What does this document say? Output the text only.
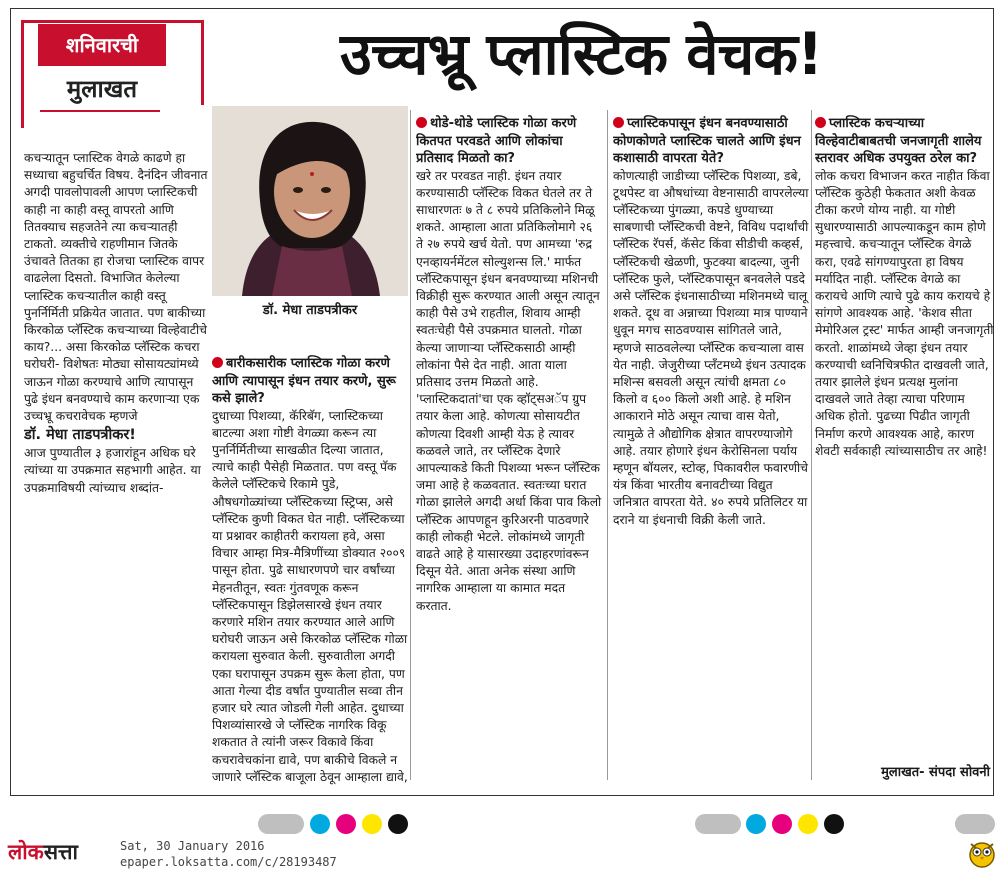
शनिवारची
मुलाखत
उच्चभ्रू प्लास्टिक वेचक!
डॉ. मेधा ताडपत्रीकर

कचऱ्यातून प्लास्टिक वेगळे काढणे हा सध्याचा बहुचर्चित विषय. दैनंदिन जीवनात अगदी पावलोपावली आपण प्लास्टिकची काही ना काही वस्तू वापरतो आणि तितक्याच सहजतेने त्या कचऱ्यातही टाकतो. व्यक्तीचे राहणीमान जितके उंचावते तितका हा रोजचा प्लास्टिक वापर वाढलेला दिसतो. विभाजित केलेल्या प्लास्टिक कचऱ्यातील काही वस्तू पुनर्निर्मिती प्रक्रियेत जातात. पण बाकीच्या किरकोळ प्लॅस्टिक कचऱ्याच्या विल्हेवाटीचे काय?... असा किरकोळ प्लॅस्टिक कचरा घरोघरी- विशेषतः मोठ्या सोसायट्यांमध्ये जाऊन गोळा करण्याचे आणि त्यापासून पुढे इंधन बनवण्याचे काम करणाऱ्या एक उच्चभ्रू कचरावेचक म्हणजे

डॉ. मेधा ताडपत्रीकर!

आज पुण्यातील ३ हजारांहून अधिक घरे त्यांच्या या उपक्रमात सहभागी आहेत. या उपक्रमाविषयी त्यांच्याच शब्दांत-

बारीकसारीक प्लास्टिक गोळा करणे आणि त्यापासून इंधन तयार करणे, सुरू कसे झाले?

दुधाच्या पिशव्या, कॅरिबॅग, प्लास्टिकच्या बाटल्या अशा गोष्टी वेगळ्या करून त्या पुनर्निर्मितीच्या साखळीत दिल्या जातात, त्याचे काही पैसेही मिळतात. पण वस्तू पॅक केलेले प्लॅस्टिकचे रिकामे पुडे, औषधगोळ्यांच्या प्लॅस्टिकच्या स्ट्रिप्स, असे प्लॅस्टिक कुणी विकत घेत नाही. प्लॅस्टिकच्या या प्रश्नावर काहीतरी करायला हवे, असा विचार आम्हा मित्र-मैत्रिणींच्या डोक्यात २००९ पासून होता. पुढे साधारणपणे चार वर्षांच्या मेहनतीतून, स्वतः गुंतवणूक करून प्लॅस्टिकपासून डिझेलसारखे इंधन तयार करणारे मशिन तयार करण्यात आले आणि घरोघरी जाऊन असे किरकोळ प्लॅस्टिक गोळा करायला सुरुवात केली. सुरुवातीला अगदी एका घरापासून उपक्रम सुरू केला होता, पण आता गेल्या दीड वर्षांत पुण्यातील सव्वा तीन हजार घरे त्यात जोडली गेली आहेत. दुधाच्या पिशव्यांसारखे जे प्लॅस्टिक नागरिक विकू शकतात ते त्यांनी जरूर विकावे किंवा कचरावेचकांना द्यावे, पण बाकीचे विकले न जाणारे प्लॅस्टिक बाजूला ठेवून आम्हाला द्यावे,

थोडे-थोडे प्लास्टिक गोळा करणे कितपत परवडते आणि लोकांचा प्रतिसाद मिळतो का?

खरे तर परवडत नाही. इंधन तयार करण्यासाठी प्लॅस्टिक विकत घेतले तर ते साधारणतः ७ ते ८ रुपये प्रतिकिलोने मिळू शकते. आम्हाला आता प्रतिकिलोमागे २६ ते २७ रुपये खर्च येतो. पण आमच्या 'रुद्र एनव्हायर्नमेंटल सोल्युशन्स लि.' मार्फत प्लॅस्टिकपासून इंधन बनवण्याच्या मशिनची विक्रीही सुरू करण्यात आली असून त्यातून काही पैसे उभे राहतील, शिवाय आम्ही स्वतःचेही पैसे उपक्रमात घालतो. गोळा केल्या जाणाऱ्या प्लॅस्टिकसाठी आम्ही लोकांना पैसे देत नाही. आता याला प्रतिसाद उत्तम मिळतो आहे. 'प्लास्टिकदातां'चा एक व्हॉट्सअॅप ग्रुप तयार केला आहे. कोणत्या सोसायटीत कोणत्या दिवशी आम्ही येऊ हे त्यावर कळवले जाते, तर प्लॅस्टिक देणारे आपल्याकडे किती पिशव्या भरून प्लॅस्टिक जमा आहे हे कळवतात. स्वतःच्या घरात गोळा झालेले अगदी अर्धा किंवा पाव किलो प्लॅस्टिक आपणहून कुरिअरनी पाठवणारे काही लोकही भेटले. लोकांमध्ये जागृती वाढते आहे हे यासारख्या उदाहरणांवरून दिसून येते. आता अनेक संस्था आणि नागरिक आम्हाला या कामात मदत करतात.

प्लास्टिकपासून इंधन बनवण्यासाठी कोणकोणते प्लास्टिक चालते आणि इंधन कशासाठी वापरता येते?

कोणत्याही जाडीच्या प्लॅस्टिक पिशव्या, डबे, टूथपेस्ट वा औषधांच्या वेष्टनासाठी वापरलेल्या प्लॅस्टिकच्या पुंगळ्या, कपडे धुण्याच्या साबणाची प्लॅस्टिकची वेष्टने, विविध पदार्थांची प्लॅस्टिक रॅपर्स, कॅसेट किंवा सीडीची कव्हर्स, प्लॅस्टिकची खेळणी, फुटक्या बादल्या, जुनी प्लॅस्टिक फुले, प्लॅस्टिकपासून बनवलेले पडदे असे प्लॅस्टिक इंधनासाठीच्या मशिनमध्ये चालू शकते. दूध वा अन्नाच्या पिशव्या मात्र पाण्याने धुवून मगच साठवण्यास सांगितले जाते, म्हणजे साठवलेल्या प्लॅस्टिक कचऱ्याला वास येत नाही. जेजुरीच्या प्लँटमध्ये इंधन उत्पादक मशिन्स बसवली असून त्यांची क्षमता ८० किलो व ६०० किलो अशी आहे. हे मशिन आकाराने मोठे असून त्याचा वास येतो, त्यामुळे ते औद्योगिक क्षेत्रात वापरण्याजोगे आहे. तयार होणारे इंधन केरोसिनला पर्याय म्हणून बॉयलर, स्टोव्ह, पिकावरील फवारणीचे यंत्र किंवा भारतीय बनावटीच्या विद्युत जनित्रात वापरता येते. ४० रुपये प्रतिलिटर या दराने या इंधनाची विक्री केली जाते.

प्लास्टिक कचऱ्याच्या विल्हेवाटीबाबतची जनजागृती शालेय स्तरावर अधिक उपयुक्त ठरेल का?

लोक कचरा विभाजन करत नाहीत किंवा प्लॅस्टिक कुठेही फेकतात अशी केवळ टीका करणे योग्य नाही. या गोष्टी सुधारण्यासाठी आपल्याकडून काम होणे महत्त्वाचे. कचऱ्यातून प्लॅस्टिक वेगळे करा, एवढे सांगण्यापुरता हा विषय मर्यादित नाही. प्लॅस्टिक वेगळे का करायचे आणि त्याचे पुढे काय करायचे हे सांगणे आवश्यक आहे. 'केशव सीता मेमोरिअल ट्रस्ट' मार्फत आम्ही जनजागृती करतो. शाळांमध्ये जेव्हा इंधन तयार करण्याची ध्वनिचित्रफीत दाखवली जाते, तयार झालेले इंधन प्रत्यक्ष मुलांना दाखवले जाते तेव्हा त्याचा परिणाम अधिक होतो. पुढच्या पिढीत जागृती निर्माण करणे आवश्यक आहे, कारण शेवटी सर्वकाही त्यांच्यासाठीच तर आहे!

मुलाखत- संपदा सोवनी
लोकसत्ता	Sat, 30 January 2016
epaper.loksatta.com/c/28193487
